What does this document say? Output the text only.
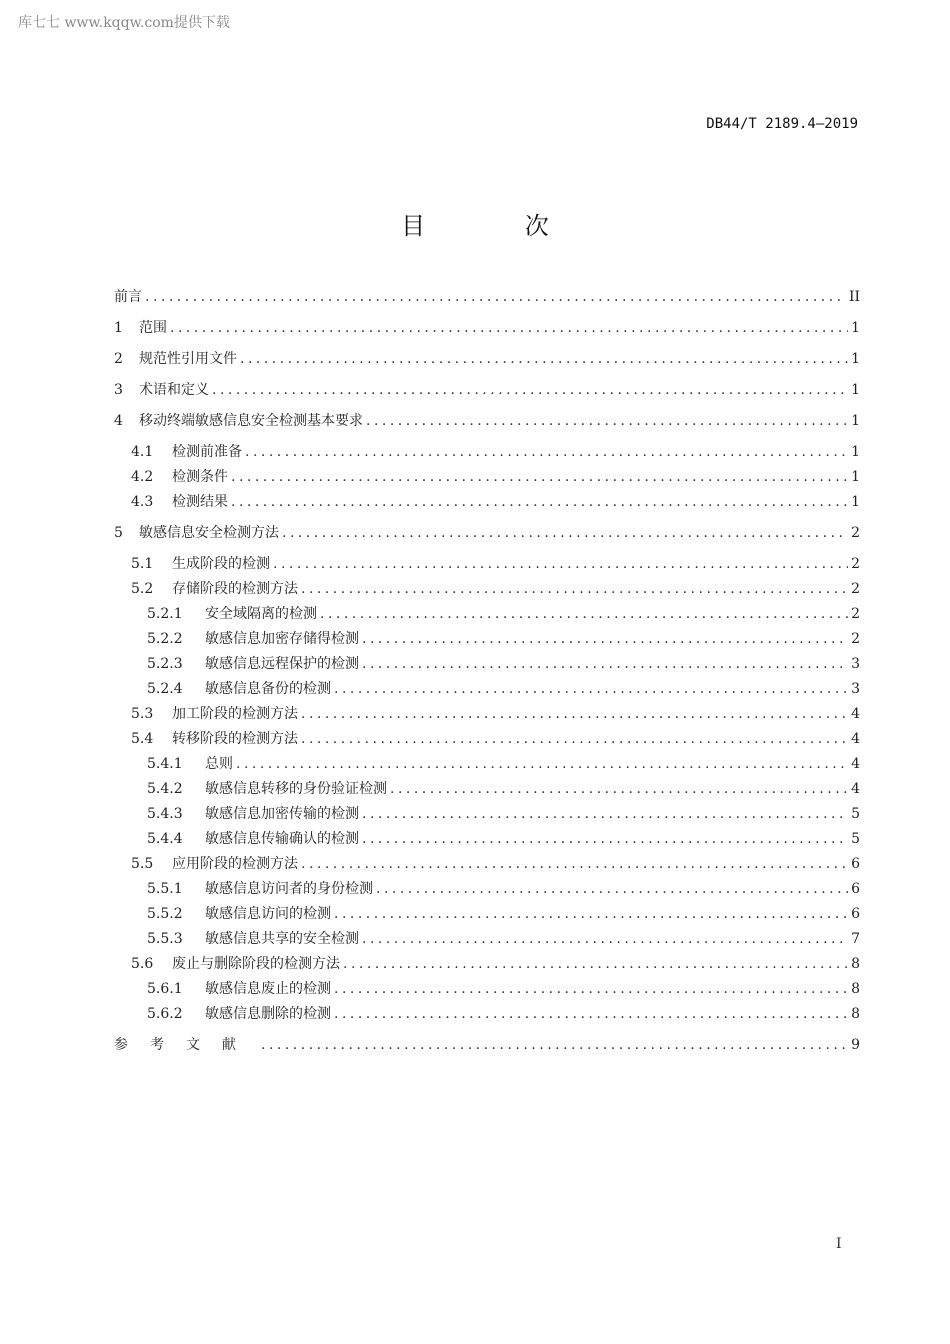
库七七 www.kqqw.com提供下载
DB44/T 2189.4—2019
目 次
前言 .....	II
1	范围 .....	1
2	规范性引用文件 .....	1
3	术语和定义 .....	1
4	移动终端敏感信息安全检测基本要求 .....	1
4.1	检测前准备 .....	1
4.2	检测条件 .....	1
4.3	检测结果 .....	1
5	敏感信息安全检测方法 .....	2
5.1	生成阶段的检测 .....	2
5.2	存储阶段的检测方法 .....	2
5.2.1	安全域隔离的检测 .....	2
5.2.2	敏感信息加密存储得检测 .....	2
5.2.3	敏感信息远程保护的检测 .....	3
5.2.4	敏感信息备份的检测 .....	3
5.3	加工阶段的检测方法 .....	4
5.4	转移阶段的检测方法 .....	4
5.4.1	总则 .....	4
5.4.2	敏感信息转移的身份验证检测 .....	4
5.4.3	敏感信息加密传输的检测 .....	5
5.4.4	敏感信息传输确认的检测 .....	5
5.5	应用阶段的检测方法 .....	6
5.5.1	敏感信息访问者的身份检测 .....	6
5.5.2	敏感信息访问的检测 .....	6
5.5.3	敏感信息共享的安全检测 .....	7
5.6	废止与删除阶段的检测方法 .....	8
5.6.1	敏感信息废止的检测 .....	8
5.6.2	敏感信息删除的检测 .....	8
参考文献 .....	9
I
